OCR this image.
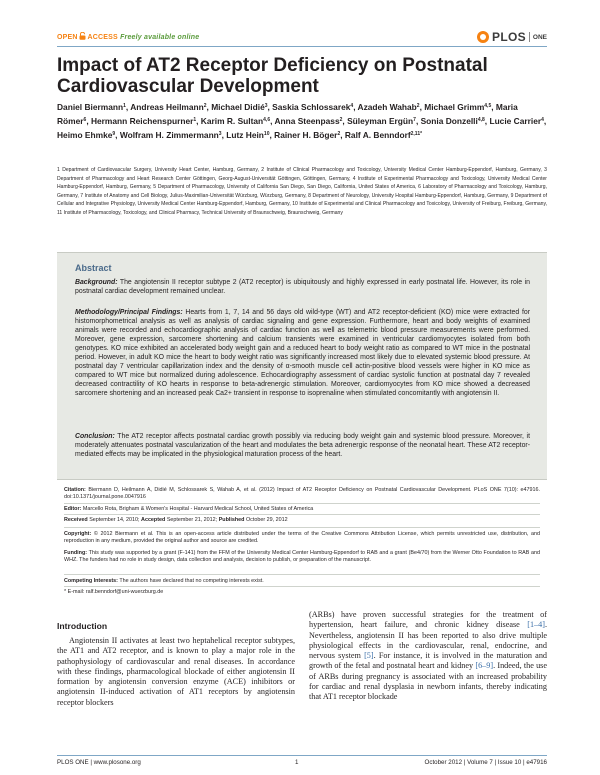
OPEN ACCESS Freely available online	PLOS ONE
Impact of AT2 Receptor Deficiency on Postnatal Cardiovascular Development
Daniel Biermann$^1$, Andreas Heilmann$^2$, Michael Didié$^3$, Saskia Schlossarek$^4$, Azadeh Wahab$^2$, Michael Grimm$^{4,5}$, Maria Römer$^6$, Hermann Reichenspurner$^1$, Karim R. Sultan$^{4,6}$, Anna Steenpass$^2$, Süleyman Ergün$^7$, Sonia Donzelli$^{4,8}$, Lucie Carrier$^4$, Heimo Ehmke$^9$, Wolfram H. Zimmermann$^3$, Lutz Hein$^{10}$, Rainer H. Böger$^2$, Ralf A. Benndorf$^{2,11*}$

1 Department of Cardiovascular Surgery, University Heart Center, Hamburg, Germany, 2 Institute of Clinical Pharmacology and Toxicology, University Medical Center Hamburg-Eppendorf, Hamburg, Germany, 3 Department of Pharmacology and Heart Research Center Göttingen, Georg-August-Universität Göttingen, Göttingen, Germany, 4 Institute of Experimental Pharmacology and Toxicology, University Medical Center Hamburg-Eppendorf, Hamburg, Germany, 5 Department of Pharmacology, University of California San Diego, San Diego, California, United States of America, 6 Laboratory of Pharmacology and Toxicology, Hamburg, Germany, 7 Institute of Anatomy and Cell Biology, Julius-Maximilian-Universität Würzburg, Würzburg, Germany, 8 Department of Neurology, University Hospital Hamburg-Eppendorf, Hamburg, Germany, 9 Department of Cellular and Integrative Physiology, University Medical Center Hamburg-Eppendorf, Hamburg, Germany, 10 Institute of Experimental and Clinical Pharmacology and Toxicology, University of Freiburg, Freiburg, Germany, 11 Institute of Pharmacology, Toxicology, and Clinical Pharmacy, Technical University of Braunschweig, Braunschweig, Germany

Abstract

Background: The angiotensin II receptor subtype 2 (AT2 receptor) is ubiquitously and highly expressed in early postnatal life. However, its role in postnatal cardiac development remained unclear.

Methodology/Principal Findings: Hearts from 1, 7, 14 and 56 days old wild-type (WT) and AT2 receptor-deficient (KO) mice were extracted for histomorphometrical analysis as well as analysis of cardiac signaling and gene expression. Furthermore, heart and body weights of examined animals were recorded and echocardiographic analysis of cardiac function as well as telemetric blood pressure measurements were performed. Moreover, gene expression, sarcomere shortening and calcium transients were examined in ventricular cardiomyocytes isolated from both genotypes. KO mice exhibited an accelerated body weight gain and a reduced heart to body weight ratio as compared to WT mice in the postnatal period. However, in adult KO mice the heart to body weight ratio was significantly increased most likely due to elevated systemic blood pressure. At postnatal day 7 ventricular capillarization index and the density of α-smooth muscle cell actin-positive blood vessels were higher in KO mice as compared to WT mice but normalized during adolescence. Echocardiography assessment of cardiac systolic function at postnatal day 7 revealed decreased contractility of KO hearts in response to beta-adrenergic stimulation. Moreover, cardiomyocytes from KO mice showed a decreased sarcomere shortening and an increased peak Ca2+ transient in response to isoprenaline when stimulated concomitantly with angiotensin II.

Conclusion: The AT2 receptor affects postnatal cardiac growth possibly via reducing body weight gain and systemic blood pressure. Moreover, it moderately attenuates postnatal vascularization of the heart and modulates the beta adrenergic response of the neonatal heart. These AT2 receptor-mediated effects may be implicated in the physiological maturation process of the heart.

Citation: Biermann D, Heilmann A, Didié M, Schlossarek S, Wahab A, et al. (2012) Impact of AT2 Receptor Deficiency on Postnatal Cardiovascular Development. PLoS ONE 7(10): e47916. doi:10.1371/journal.pone.0047916

Editor: Marcello Rota, Brigham & Women's Hospital - Harvard Medical School, United States of America

Received September 14, 2010; Accepted September 21, 2012; Published October 29, 2012

Copyright: © 2012 Biermann et al. This is an open-access article distributed under the terms of the Creative Commons Attribution License, which permits unrestricted use, distribution, and reproduction in any medium, provided the original author and source are credited.

Funding: This study was supported by a grant (F-141) from the FFM of the University Medical Center Hamburg-Eppendorf to RAB and a grant (Be4/70) from the Werner Otto Foundation to RAB and WHZ. The funders had no role in study design, data collection and analysis, decision to publish, or preparation of the manuscript.

Competing Interests: The authors have declared that no competing interests exist.

* E-mail: ralf.benndorf@uni-wuerzburg.de

Introduction

Angiotensin II activates at least two heptahelical receptor subtypes, the AT1 and AT2 receptor, and is known to play a major role in the pathophysiology of cardiovascular and renal diseases. In accordance with these findings, pharmacological blockade of either angiotensin II formation by angiotensin conversion enzyme (ACE) inhibitors or angiotensin II-induced activation of AT1 receptors by angiotensin receptor blockers

(ARBs) have proven successful strategies for the treatment of hypertension, heart failure, and chronic kidney disease [1–4]. Nevertheless, angiotensin II has been reported to also drive multiple physiological effects in the cardiovascular, renal, endocrine, and nervous system [5]. For instance, it is involved in the maturation and growth of the fetal and postnatal heart and kidney [6–9]. Indeed, the use of ARBs during pregnancy is associated with an increased probability for cardiac and renal dysplasia in newborn infants, thereby indicating that AT1 receptor blockade

PLOS ONE | www.plosone.org	1	October 2012 | Volume 7 | Issue 10 | e47916
